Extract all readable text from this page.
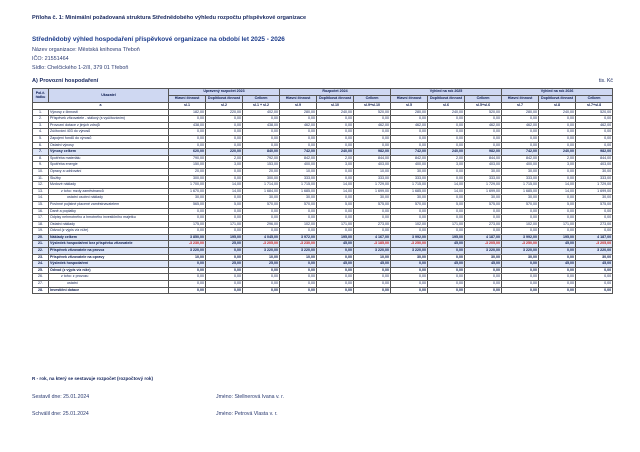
Příloha č. 1: Minimální požadovaná struktura Střednědobého výhledu rozpočtu příspěvkové organizace
Střednědobý výhled hospodaření příspěvkové organizace na období let 2025 - 2026
Název organizace: Městská knihovna Třeboň
IČO: 21551464
Sídlo: Chelčického 1-2/II, 379 01 Třeboň
A) Provozní hospodaření	tis. Kč
Pol.č. řádku	Ukazatel	Upravený rozpočet 2023			Rozpočet 2024			Výhled na rok 2025			Výhled na rok 2026		
		Hlavní činnost	Doplňková činnost	Celkem	Hlavní činnost	Doplňková činnost	Celkem	Hlavní činnost	Doplňková činnost	Celkem	Hlavní činnost	Doplňková činnost	Celkem
a		sl.1	sl.2	sl.1 + sl.2	sl.9	sl.10	sl.9+sl.10	sl.5	sl.6	sl.5+sl.6	sl.7	sl.8	sl.7+sl.8
1.	Výnosy z činnosti	182,00	220,00	402,00	280,00	240,00	520,00	280,00	240,00	520,00	280,00	240,00	520,00
2.	Příspěvek zřizovatele - stálový (s vyúčtováním)	0,00	0,00	0,00	0,00	0,00	0,00	0,00	0,00	0,00	0,00	0,00	0,00
3.	Provozní dotace z jiných zdrojů	438,00	0,00	438,00	462,00	0,00	462,00	462,00	0,00	462,00	462,00	0,00	462,00
4.	Zúčtování 403 do výnosů	0,00	0,00	0,00	0,00	0,00	0,00	0,00	0,00	0,00	0,00	0,00	0,00
5.	Zapojení fondů do výnosů	0,00	0,00	0,00	0,00	0,00	0,00	0,00	0,00	0,00	0,00	0,00	0,00
6.	Ostatní výnosy	0,00	0,00	0,00	0,00	0,00	0,00	0,00	0,00	0,00	0,00	0,00	0,00
7.	Výnosy celkem	620,00	220,00	840,00	742,00	240,00	982,00	742,00	240,00	982,00	742,00	240,00	982,00
8.	Spotřeba materiálu	790,00	2,00	792,00	842,00	2,00	844,00	842,00	2,00	844,00	842,00	2,00	844,00
9.	Spotřeba energie	150,00	3,00	153,00	400,00	3,00	403,00	400,00	3,00	403,00	400,00	3,00	403,00
10.	Opravy a udržování	20,00	0,00	20,00	10,00	0,00	10,00	30,00	0,00	30,00	30,00	0,00	30,00
11.	Služby	300,00	0,00	300,00	333,00	0,00	333,00	333,00	0,00	333,00	333,00	0,00	333,00
12.	Mzdové náklady	1 700,00	14,00	1 714,00	1 715,00	14,00	1 729,00	1 715,00	14,00	1 729,00	1 715,00	14,00	1 729,00
13.	z toho: mzdy zaměstnanců	1 670,00	14,00	1 684,00	1 685,00	14,00	1 699,00	1 685,00	14,00	1 699,00	1 685,00	14,00	1 699,00
14.	ostatní osobní náklady	30,00	0,00	30,00	30,00	0,00	30,00	30,00	0,00	30,00	30,00	0,00	30,00
15.	Povinné pojistné placené zaměstnavatelem	565,00	5,00	570,00	570,00	5,00	575,00	570,00	5,00	575,00	570,00	5,00	575,00
16.	Daně a poplatky	0,00	0,00	0,00	0,00	0,00	0,00	0,00	0,00	0,00	0,00	0,00	0,00
17.	Odpisy nehmotného a hmotného investičního majetku	0,00	0,00	0,00	0,00	0,00	0,00	0,00	0,00	0,00	0,00	0,00	0,00
18.	Ostatní náklady	175,00	171,00	296,00	102,00	171,00	273,00	102,00	171,00	273,00	102,00	171,00	273,00
19.	Odvod (z výpis víz níže)	0,00	0,00	0,00	0,00	0,00	0,00	0,00	0,00	0,00	0,00	0,00	0,00
20.	Náklady celkem	3 850,00	195,00	4 045,00	3 972,00	195,00	4 167,00	3 992,00	195,00	4 187,00	3 992,00	195,00	4 187,00
21.	Výsledek hospodaření bez příspěvku zřizovatele	-3 230,00	25,00	-3 205,00	-3 230,00	45,00	-3 185,00	-3 250,00	45,00	-3 205,00	-3 250,00	45,00	-3 205,00
22.	Příspěvek zřizovatele na provoz	3 220,00	0,00	3 220,00	3 220,00	0,00	3 220,00	3 220,00	0,00	3 220,00	3 220,00	0,00	3 220,00
23.	Příspěvek zřizovatele na opravy	10,00	0,00	10,00	10,00	0,00	10,00	30,00	0,00	30,00	30,00	0,00	30,00
24.	Výsledek hospodaření	0,00	25,00	25,00	0,00	45,00	45,00	0,00	45,00	45,00	0,00	45,00	45,00
25.	Odvod (z výpis víz níže)	0,00	0,00	0,00	0,00	0,00	0,00	0,00	0,00	0,00	0,00	0,00	0,00
26.	z toho: z provozu	0,00	0,00	0,00	0,00	0,00	0,00	0,00	0,00	0,00	0,00	0,00	0,00
27.	ostatní	0,00	0,00	0,00	0,00	0,00	0,00	0,00	0,00	0,00	0,00	0,00	0,00
28.	Investiční dotace	0,00	0,00	0,00	0,00	0,00	0,00	0,00	0,00	0,00	0,00	0,00	0,00
R - rok, na který se sestavuje rozpočet (rozpočtový rok)
Sestavil dne: 25.01.2024	Jméno: Stellnerová Ivana v. r.
Schválil dne: 25.01.2024	Jméno: Petrová Vlasta v. r.
